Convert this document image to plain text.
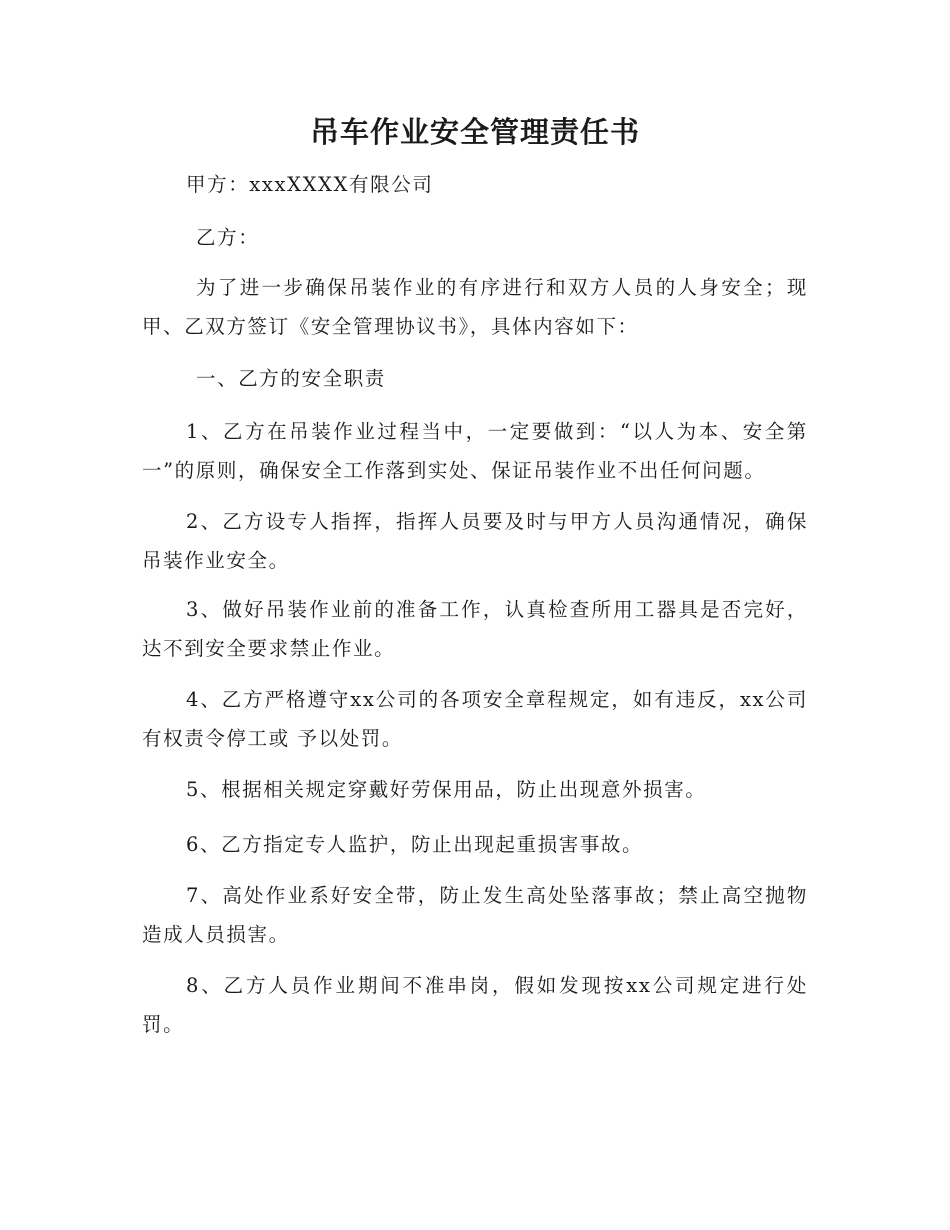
吊车作业安全管理责任书

甲方：xxxXXXX有限公司

乙方：

为了进一步确保吊装作业的有序进行和双方人员的人身安全；现甲、乙双方签订《安全管理协议书》，具体内容如下：

一、乙方的安全职责

1、乙方在吊装作业过程当中，一定要做到：“以人为本、安全第一”的原则，确保安全工作落到实处、保证吊装作业不出任何问题。

2、乙方设专人指挥，指挥人员要及时与甲方人员沟通情况，确保吊装作业安全。

3、做好吊装作业前的准备工作，认真检查所用工器具是否完好，达不到安全要求禁止作业。

4、乙方严格遵守xx公司的各项安全章程规定，如有违反，xx公司有权责令停工或 予以处罚。

5、根据相关规定穿戴好劳保用品，防止出现意外损害。

6、乙方指定专人监护，防止出现起重损害事故。

7、高处作业系好安全带，防止发生高处坠落事故；禁止高空抛物造成人员损害。

8、乙方人员作业期间不准串岗，假如发现按xx公司规定进行处罚。
